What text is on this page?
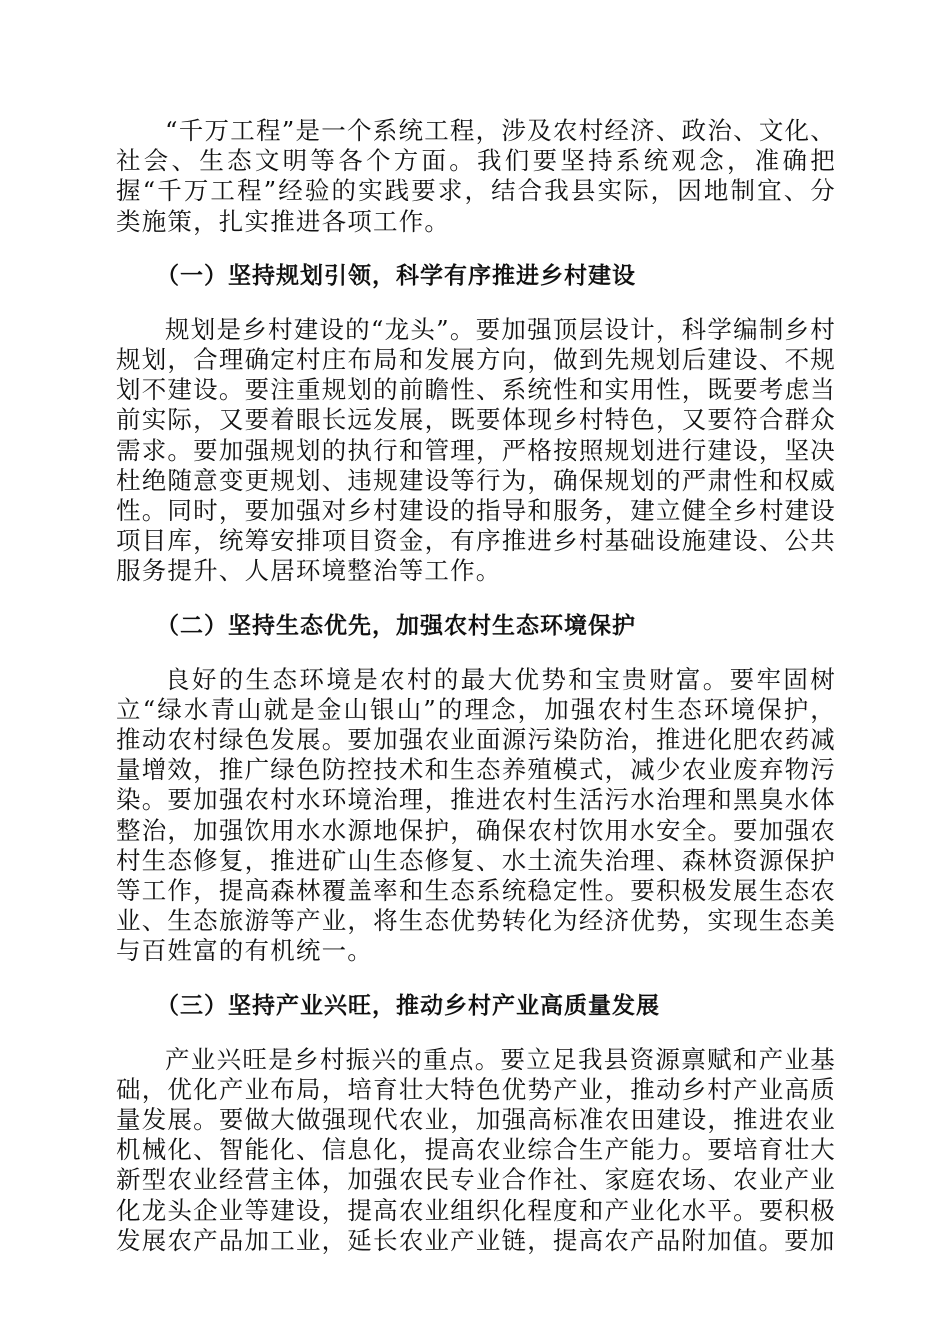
“千万工程”是一个系统工程，涉及农村经济、政治、文化、社会、生态文明等各个方面。我们要坚持系统观念，准确把握“千万工程”经验的实践要求，结合我县实际，因地制宜、分类施策，扎实推进各项工作。

（一）坚持规划引领，科学有序推进乡村建设

规划是乡村建设的“龙头”。要加强顶层设计，科学编制乡村规划，合理确定村庄布局和发展方向，做到先规划后建设、不规划不建设。要注重规划的前瞻性、系统性和实用性，既要考虑当前实际，又要着眼长远发展，既要体现乡村特色，又要符合群众需求。要加强规划的执行和管理，严格按照规划进行建设，坚决杜绝随意变更规划、违规建设等行为，确保规划的严肃性和权威性。同时，要加强对乡村建设的指导和服务，建立健全乡村建设项目库，统筹安排项目资金，有序推进乡村基础设施建设、公共服务提升、人居环境整治等工作。

（二）坚持生态优先，加强农村生态环境保护

良好的生态环境是农村的最大优势和宝贵财富。要牢固树立“绿水青山就是金山银山”的理念，加强农村生态环境保护，推动农村绿色发展。要加强农业面源污染防治，推进化肥农药减量增效，推广绿色防控技术和生态养殖模式，减少农业废弃物污染。要加强农村水环境治理，推进农村生活污水治理和黑臭水体整治，加强饮用水水源地保护，确保农村饮用水安全。要加强农村生态修复，推进矿山生态修复、水土流失治理、森林资源保护等工作，提高森林覆盖率和生态系统稳定性。要积极发展生态农业、生态旅游等产业，将生态优势转化为经济优势，实现生态美与百姓富的有机统一。

（三）坚持产业兴旺，推动乡村产业高质量发展

产业兴旺是乡村振兴的重点。要立足我县资源禀赋和产业基础，优化产业布局，培育壮大特色优势产业，推动乡村产业高质量发展。要做大做强现代农业，加强高标准农田建设，推进农业机械化、智能化、信息化，提高农业综合生产能力。要培育壮大新型农业经营主体，加强农民专业合作社、家庭农场、农业产业化龙头企业等建设，提高农业组织化程度和产业化水平。要积极发展农产品加工业，延长农业产业链，提高农产品附加值。要加
